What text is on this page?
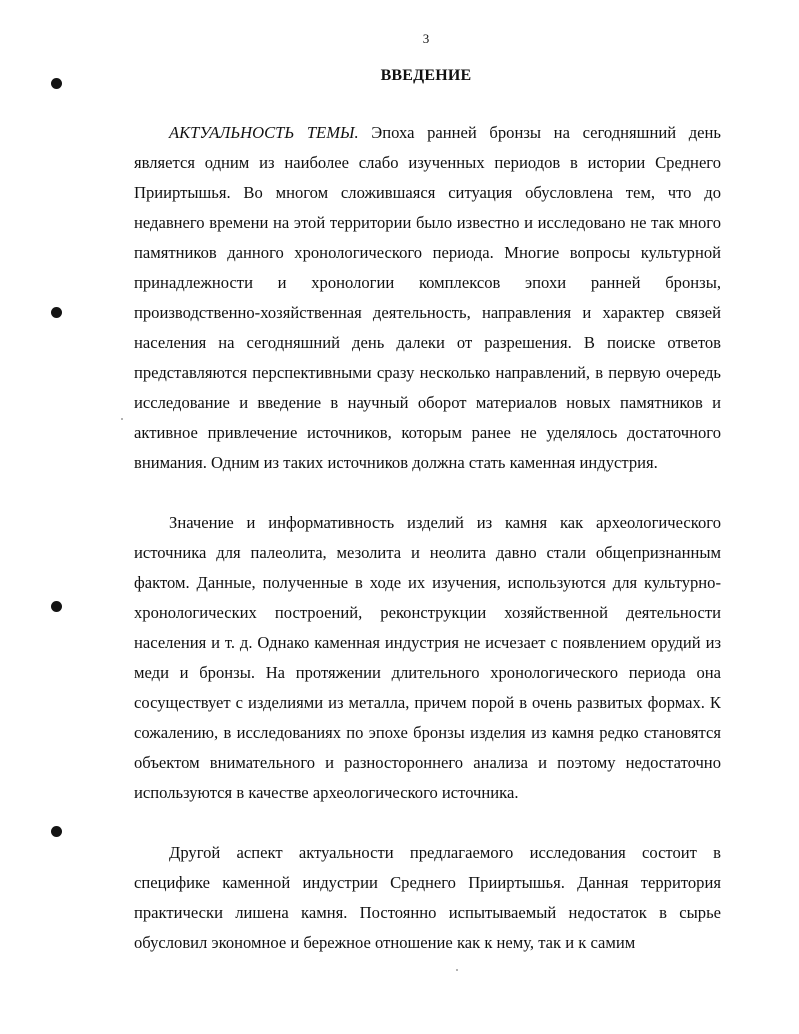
3
ВВЕДЕНИЕ

АКТУАЛЬНОСТЬ ТЕМЫ. Эпоха ранней бронзы на сегодняшний день является одним из наиболее слабо изученных периодов в истории Среднего Прииртышья. Во многом сложившаяся ситуация обусловлена тем, что до недавнего времени на этой территории было известно и исследовано не так много памятников данного хронологического периода. Многие вопросы культурной принадлежности и хронологии комплексов эпохи ранней бронзы, производственно-хозяйственная деятельность, направления и характер связей населения на сегодняшний день далеки от разрешения. В поиске ответов представляются перспективными сразу несколько направлений, в первую очередь исследование и введение в научный оборот материалов новых памятников и активное привлечение источников, которым ранее не уделялось достаточного внимания. Одним из таких источников должна стать каменная индустрия.

Значение и информативность изделий из камня как археологического источника для палеолита, мезолита и неолита давно стали общепризнанным фактом. Данные, полученные в ходе их изучения, используются для культурно-хронологических построений, реконструкции хозяйственной деятельности населения и т. д. Однако каменная индустрия не исчезает с появлением орудий из меди и бронзы. На протяжении длительного хронологического периода она сосуществует с изделиями из металла, причем порой в очень развитых формах. К сожалению, в исследованиях по эпохе бронзы изделия из камня редко становятся объектом внимательного и разностороннего анализа и поэтому недостаточно используются в качестве археологического источника.

Другой аспект актуальности предлагаемого исследования состоит в специфике каменной индустрии Среднего Прииртышья. Данная территория практически лишена камня. Постоянно испытываемый недостаток в сырье обусловил экономное и бережное отношение как к нему, так и к самим
